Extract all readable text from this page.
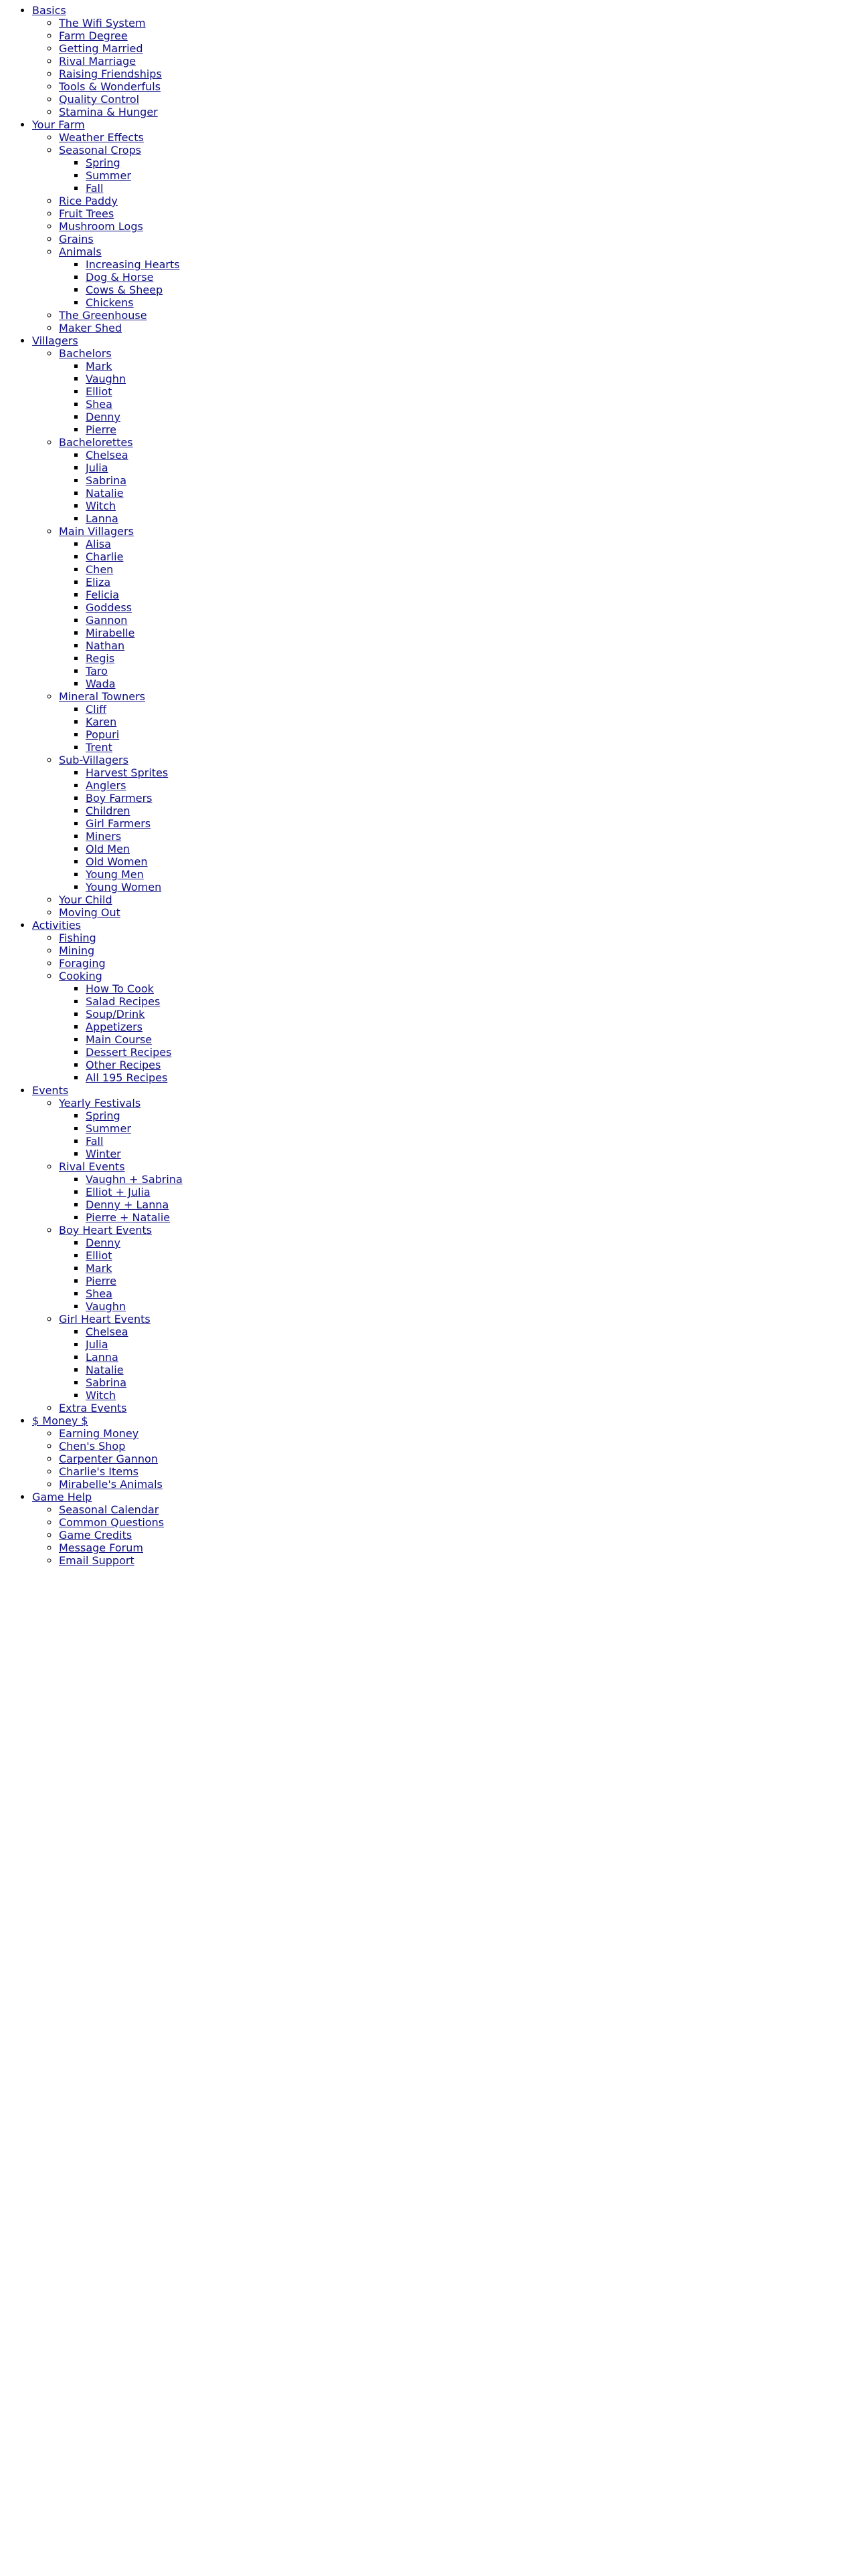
• Basics
◦ The Wifi System
◦ Farm Degree
◦ Getting Married
◦ Rival Marriage
◦ Raising Friendships
◦ Tools & Wonderfuls
◦ Quality Control
◦ Stamina & Hunger
• Your Farm
◦ Weather Effects
◦ Seasonal Crops
▪ Spring
▪ Summer
▪ Fall
◦ Rice Paddy
◦ Fruit Trees
◦ Mushroom Logs
◦ Grains
◦ Animals
▪ Increasing Hearts
▪ Dog & Horse
▪ Cows & Sheep
▪ Chickens
◦ The Greenhouse
◦ Maker Shed
• Villagers
◦ Bachelors
▪ Mark
▪ Vaughn
▪ Elliot
▪ Shea
▪ Denny
▪ Pierre
◦ Bachelorettes
▪ Chelsea
▪ Julia
▪ Sabrina
▪ Natalie
▪ Witch
▪ Lanna
◦ Main Villagers
▪ Alisa
▪ Charlie
▪ Chen
▪ Eliza
▪ Felicia
▪ Goddess
▪ Gannon
▪ Mirabelle
▪ Nathan
▪ Regis
▪ Taro
▪ Wada
◦ Mineral Towners
▪ Cliff
▪ Karen
▪ Popuri
▪ Trent
◦ Sub-Villagers
▪ Harvest Sprites
▪ Anglers
▪ Boy Farmers
▪ Children
▪ Girl Farmers
▪ Miners
▪ Old Men
▪ Old Women
▪ Young Men
▪ Young Women
◦ Your Child
◦ Moving Out
• Activities
◦ Fishing
◦ Mining
◦ Foraging
◦ Cooking
▪ How To Cook
▪ Salad Recipes
▪ Soup/Drink
▪ Appetizers
▪ Main Course
▪ Dessert Recipes
▪ Other Recipes
▪ All 195 Recipes
• Events
◦ Yearly Festivals
▪ Spring
▪ Summer
▪ Fall
▪ Winter
◦ Rival Events
▪ Vaughn + Sabrina
▪ Elliot + Julia
▪ Denny + Lanna
▪ Pierre + Natalie
◦ Boy Heart Events
▪ Denny
▪ Elliot
▪ Mark
▪ Pierre
▪ Shea
▪ Vaughn
◦ Girl Heart Events
▪ Chelsea
▪ Julia
▪ Lanna
▪ Natalie
▪ Sabrina
▪ Witch
◦ Extra Events
• $ Money $
◦ Earning Money
◦ Chen's Shop
◦ Carpenter Gannon
◦ Charlie's Items
◦ Mirabelle's Animals
• Game Help
◦ Seasonal Calendar
◦ Common Questions
◦ Game Credits
◦ Message Forum
◦ Email Support
